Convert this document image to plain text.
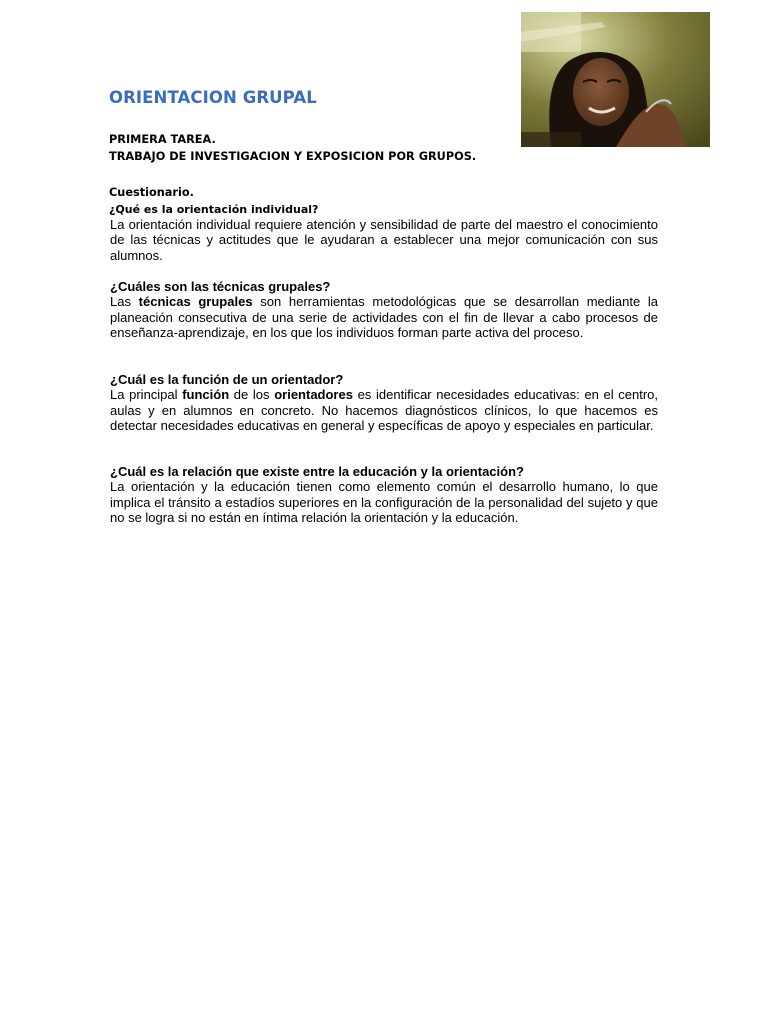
ORIENTACION GRUPAL
PRIMERA TAREA.
TRABAJO DE INVESTIGACION Y EXPOSICION POR GRUPOS.
Cuestionario.
¿Qué es la orientación individual?

La orientación individual requiere atención y sensibilidad de parte del maestro el conocimiento de las técnicas y actitudes que le ayudaran a establecer una mejor comunicación con sus alumnos.

¿Cuáles son las técnicas grupales?

Las técnicas grupales son herramientas metodológicas que se desarrollan mediante la planeación consecutiva de una serie de actividades con el fin de llevar a cabo procesos de enseñanza-aprendizaje, en los que los individuos forman parte activa del proceso.

¿Cuál es la función de un orientador?

La principal función de los orientadores es identificar necesidades educativas: en el centro, aulas y en alumnos en concreto. No hacemos diagnósticos clínicos, lo que hacemos es detectar necesidades educativas en general y específicas de apoyo y especiales en particular.

¿Cuál es la relación que existe entre la educación y la orientación?

La orientación y la educación tienen como elemento común el desarrollo humano, lo que implica el tránsito a estadíos superiores en la configuración de la personalidad del sujeto y que no se logra si no están en íntima relación la orientación y la educación.
